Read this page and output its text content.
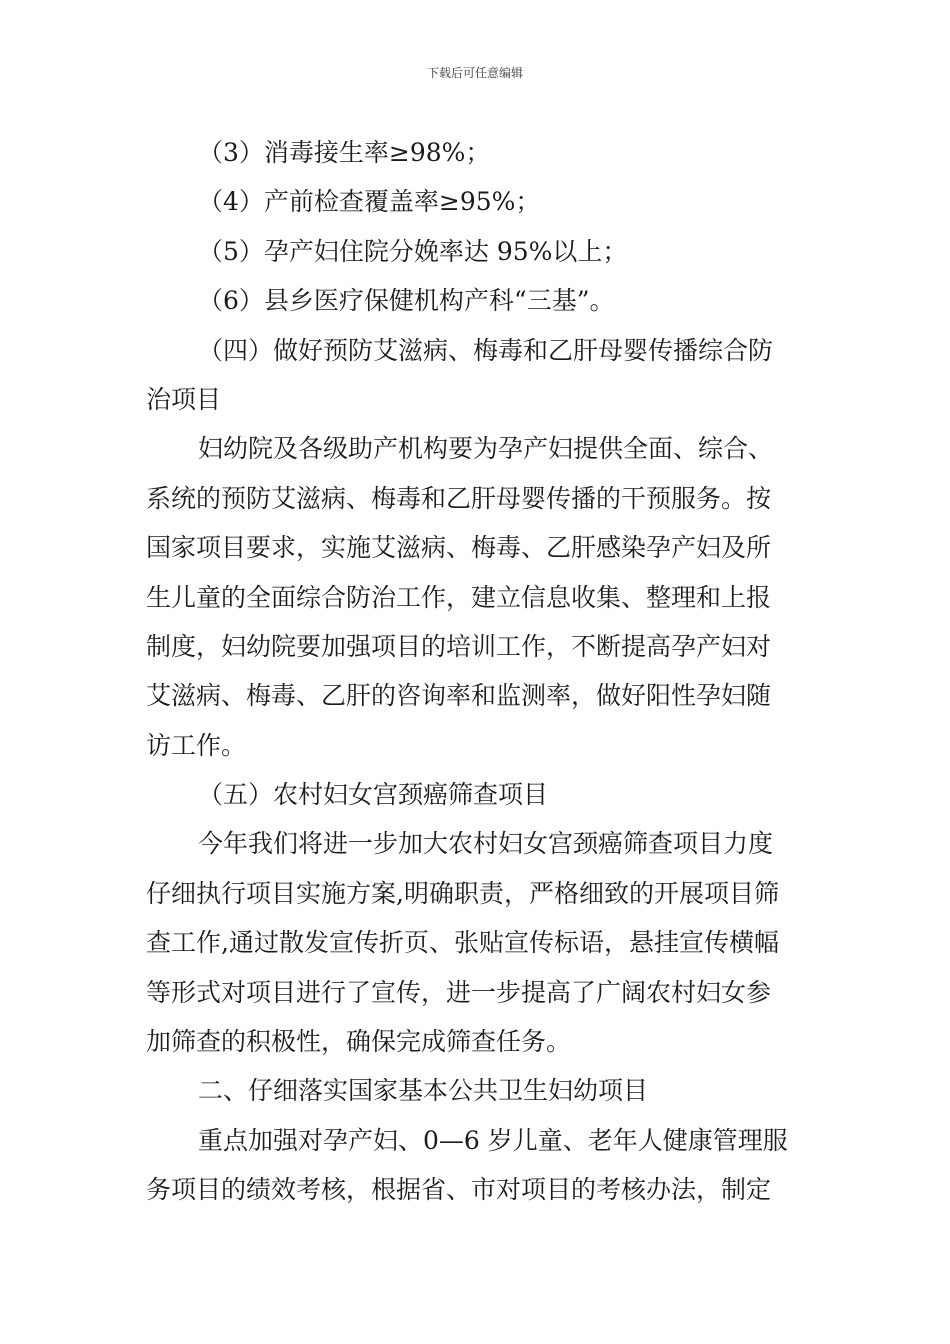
下载后可任意编辑
（3）消毒接生率≥98%；
（4）产前检查覆盖率≥95%；
（5）孕产妇住院分娩率达 95%以上；
（6）县乡医疗保健机构产科“三基”。
（四）做好预防艾滋病、梅毒和乙肝母婴传播综合防
治项目
妇幼院及各级助产机构要为孕产妇提供全面、综合、
系统的预防艾滋病、梅毒和乙肝母婴传播的干预服务。按
国家项目要求，实施艾滋病、梅毒、乙肝感染孕产妇及所
生儿童的全面综合防治工作，建立信息收集、整理和上报
制度，妇幼院要加强项目的培训工作，不断提高孕产妇对
艾滋病、梅毒、乙肝的咨询率和监测率，做好阳性孕妇随
访工作。
（五）农村妇女宫颈癌筛查项目
今年我们将进一步加大农村妇女宫颈癌筛查项目力度
仔细执行项目实施方案,明确职责，严格细致的开展项目筛
查工作,通过散发宣传折页、张贴宣传标语，悬挂宣传横幅
等形式对项目进行了宣传，进一步提高了广阔农村妇女参
加筛查的积极性，确保完成筛查任务。
二、仔细落实国家基本公共卫生妇幼项目
重点加强对孕产妇、0—6 岁儿童、老年人健康管理服
务项目的绩效考核，根据省、市对项目的考核办法，制定
